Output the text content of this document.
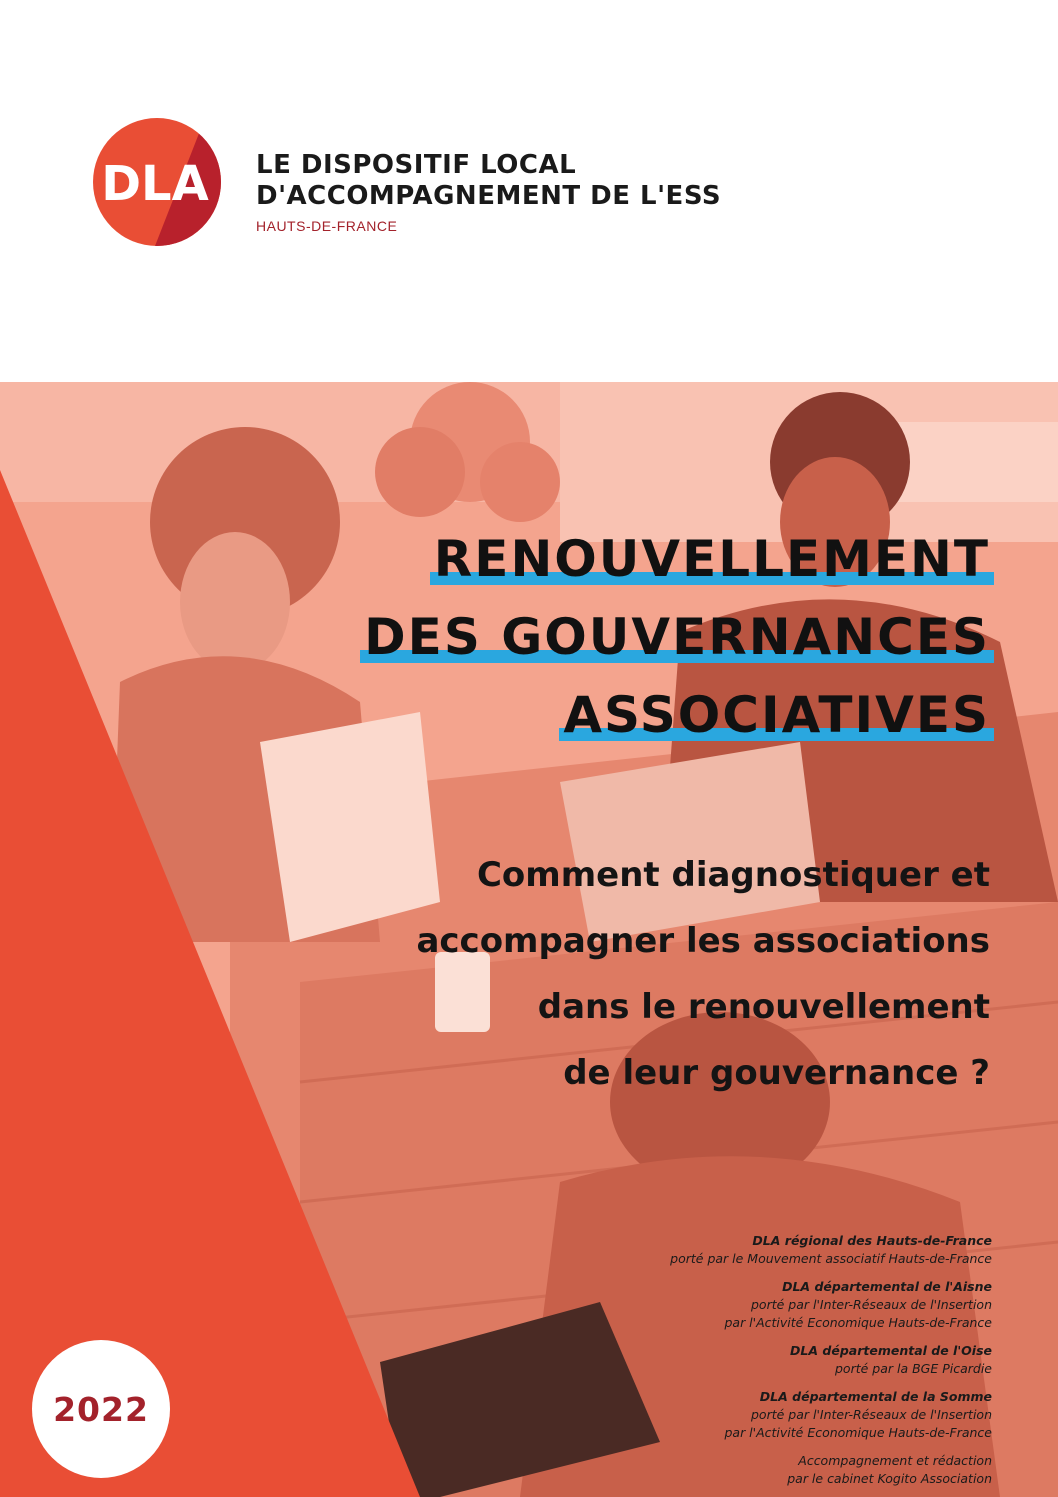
DLA LE DISPOSITIF LOCAL
D'ACCOMPAGNEMENT DE L'ESS
HAUTS-DE-FRANCE
RENOUVELLEMENT
DES GOUVERNANCES
ASSOCIATIVES
Comment diagnostiquer et
accompagner les associations
dans le renouvellement
de leur gouvernance ?
DLA régional des Hauts-de-France
porté par le Mouvement associatif Hauts-de-France
DLA départemental de l'Aisne
porté par l'Inter-Réseaux de l'Insertion
par l'Activité Economique Hauts-de-France
DLA départemental de l'Oise
porté par la BGE Picardie
DLA départemental de la Somme
porté par l'Inter-Réseaux de l'Insertion
par l'Activité Economique Hauts-de-France
Accompagnement et rédaction
par le cabinet Kogito Association
2022
